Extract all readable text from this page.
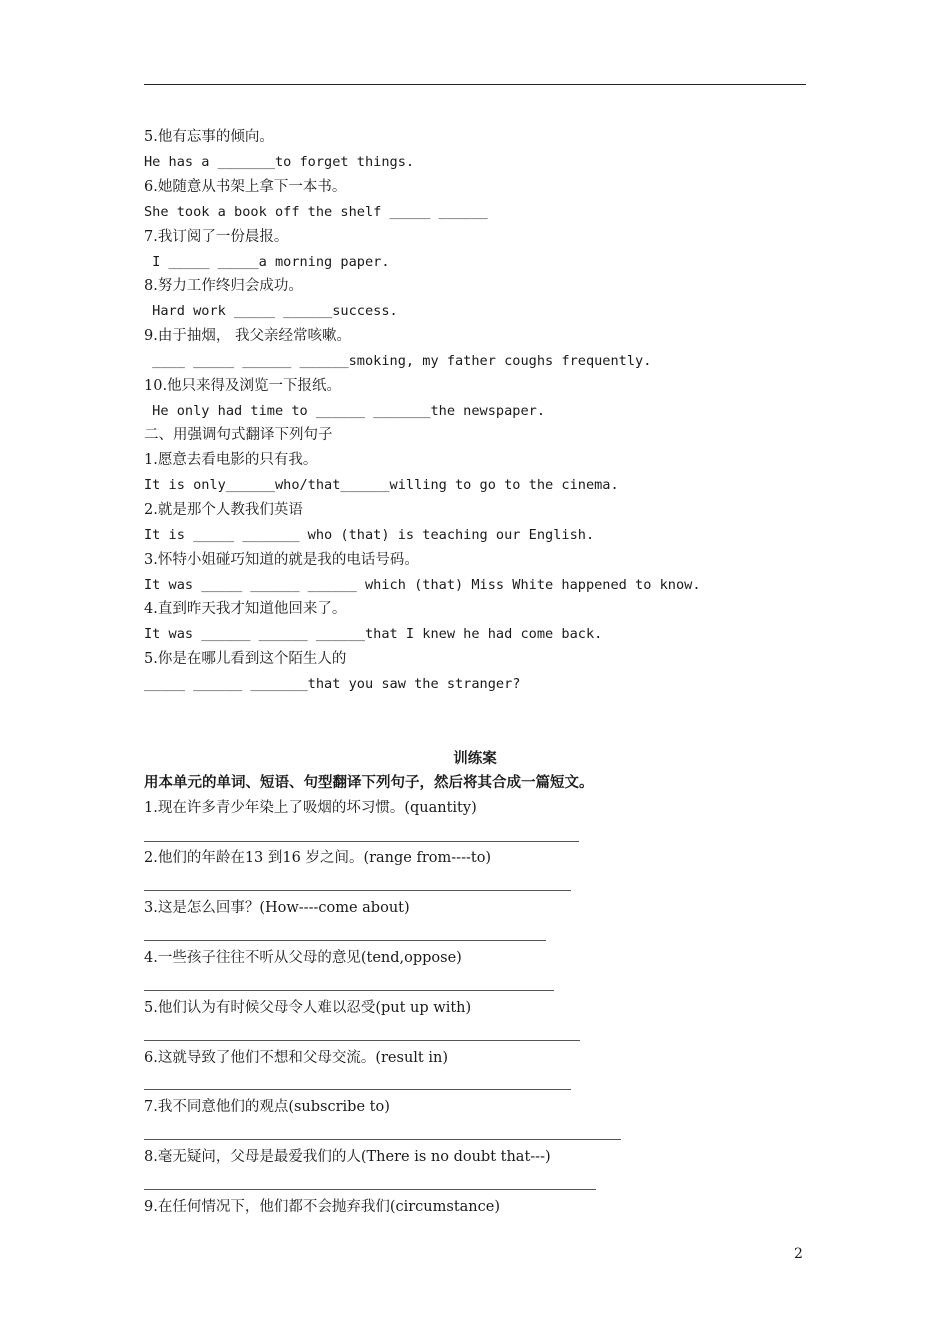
5.他有忘事的倾向。
He has a _______to forget things.
6.她随意从书架上拿下一本书。
She took a book off the shelf _____ ______
7.我订阅了一份晨报。
I _____ _____a morning paper.
8.努力工作终归会成功。
Hard work _____ ______success.
9.由于抽烟， 我父亲经常咳嗽。
____ _____ ______ ______smoking, my father coughs frequently.
10.他只来得及浏览一下报纸。
He only had time to ______ _______the newspaper.
二、用强调句式翻译下列句子
1.愿意去看电影的只有我。
It is only______who/that______willing to go to the cinema.
2.就是那个人教我们英语
It is _____ _______ who (that) is teaching our English.
3.怀特小姐碰巧知道的就是我的电话号码。
It was _____ ______ ______ which (that) Miss White happened to know.
4.直到昨天我才知道他回来了。
It was ______ ______ ______that I knew he had come back.
5.你是在哪儿看到这个陌生人的
_____ ______ _______that you saw the stranger?
训练案
用本单元的单词、短语、句型翻译下列句子，然后将其合成一篇短文。
1.现在许多青少年染上了吸烟的坏习惯。(quantity)
2.他们的年龄在13 到16 岁之间。(range from----to)
3.这是怎么回事？(How----come about)
4.一些孩子往往不听从父母的意见(tend,oppose)
5.他们认为有时候父母令人难以忍受(put up with)
6.这就导致了他们不想和父母交流。(result in)
7.我不同意他们的观点(subscribe to)
8.毫无疑问，父母是最爱我们的人(There is no doubt that---)
9.在任何情况下，他们都不会抛弃我们(circumstance)
2
